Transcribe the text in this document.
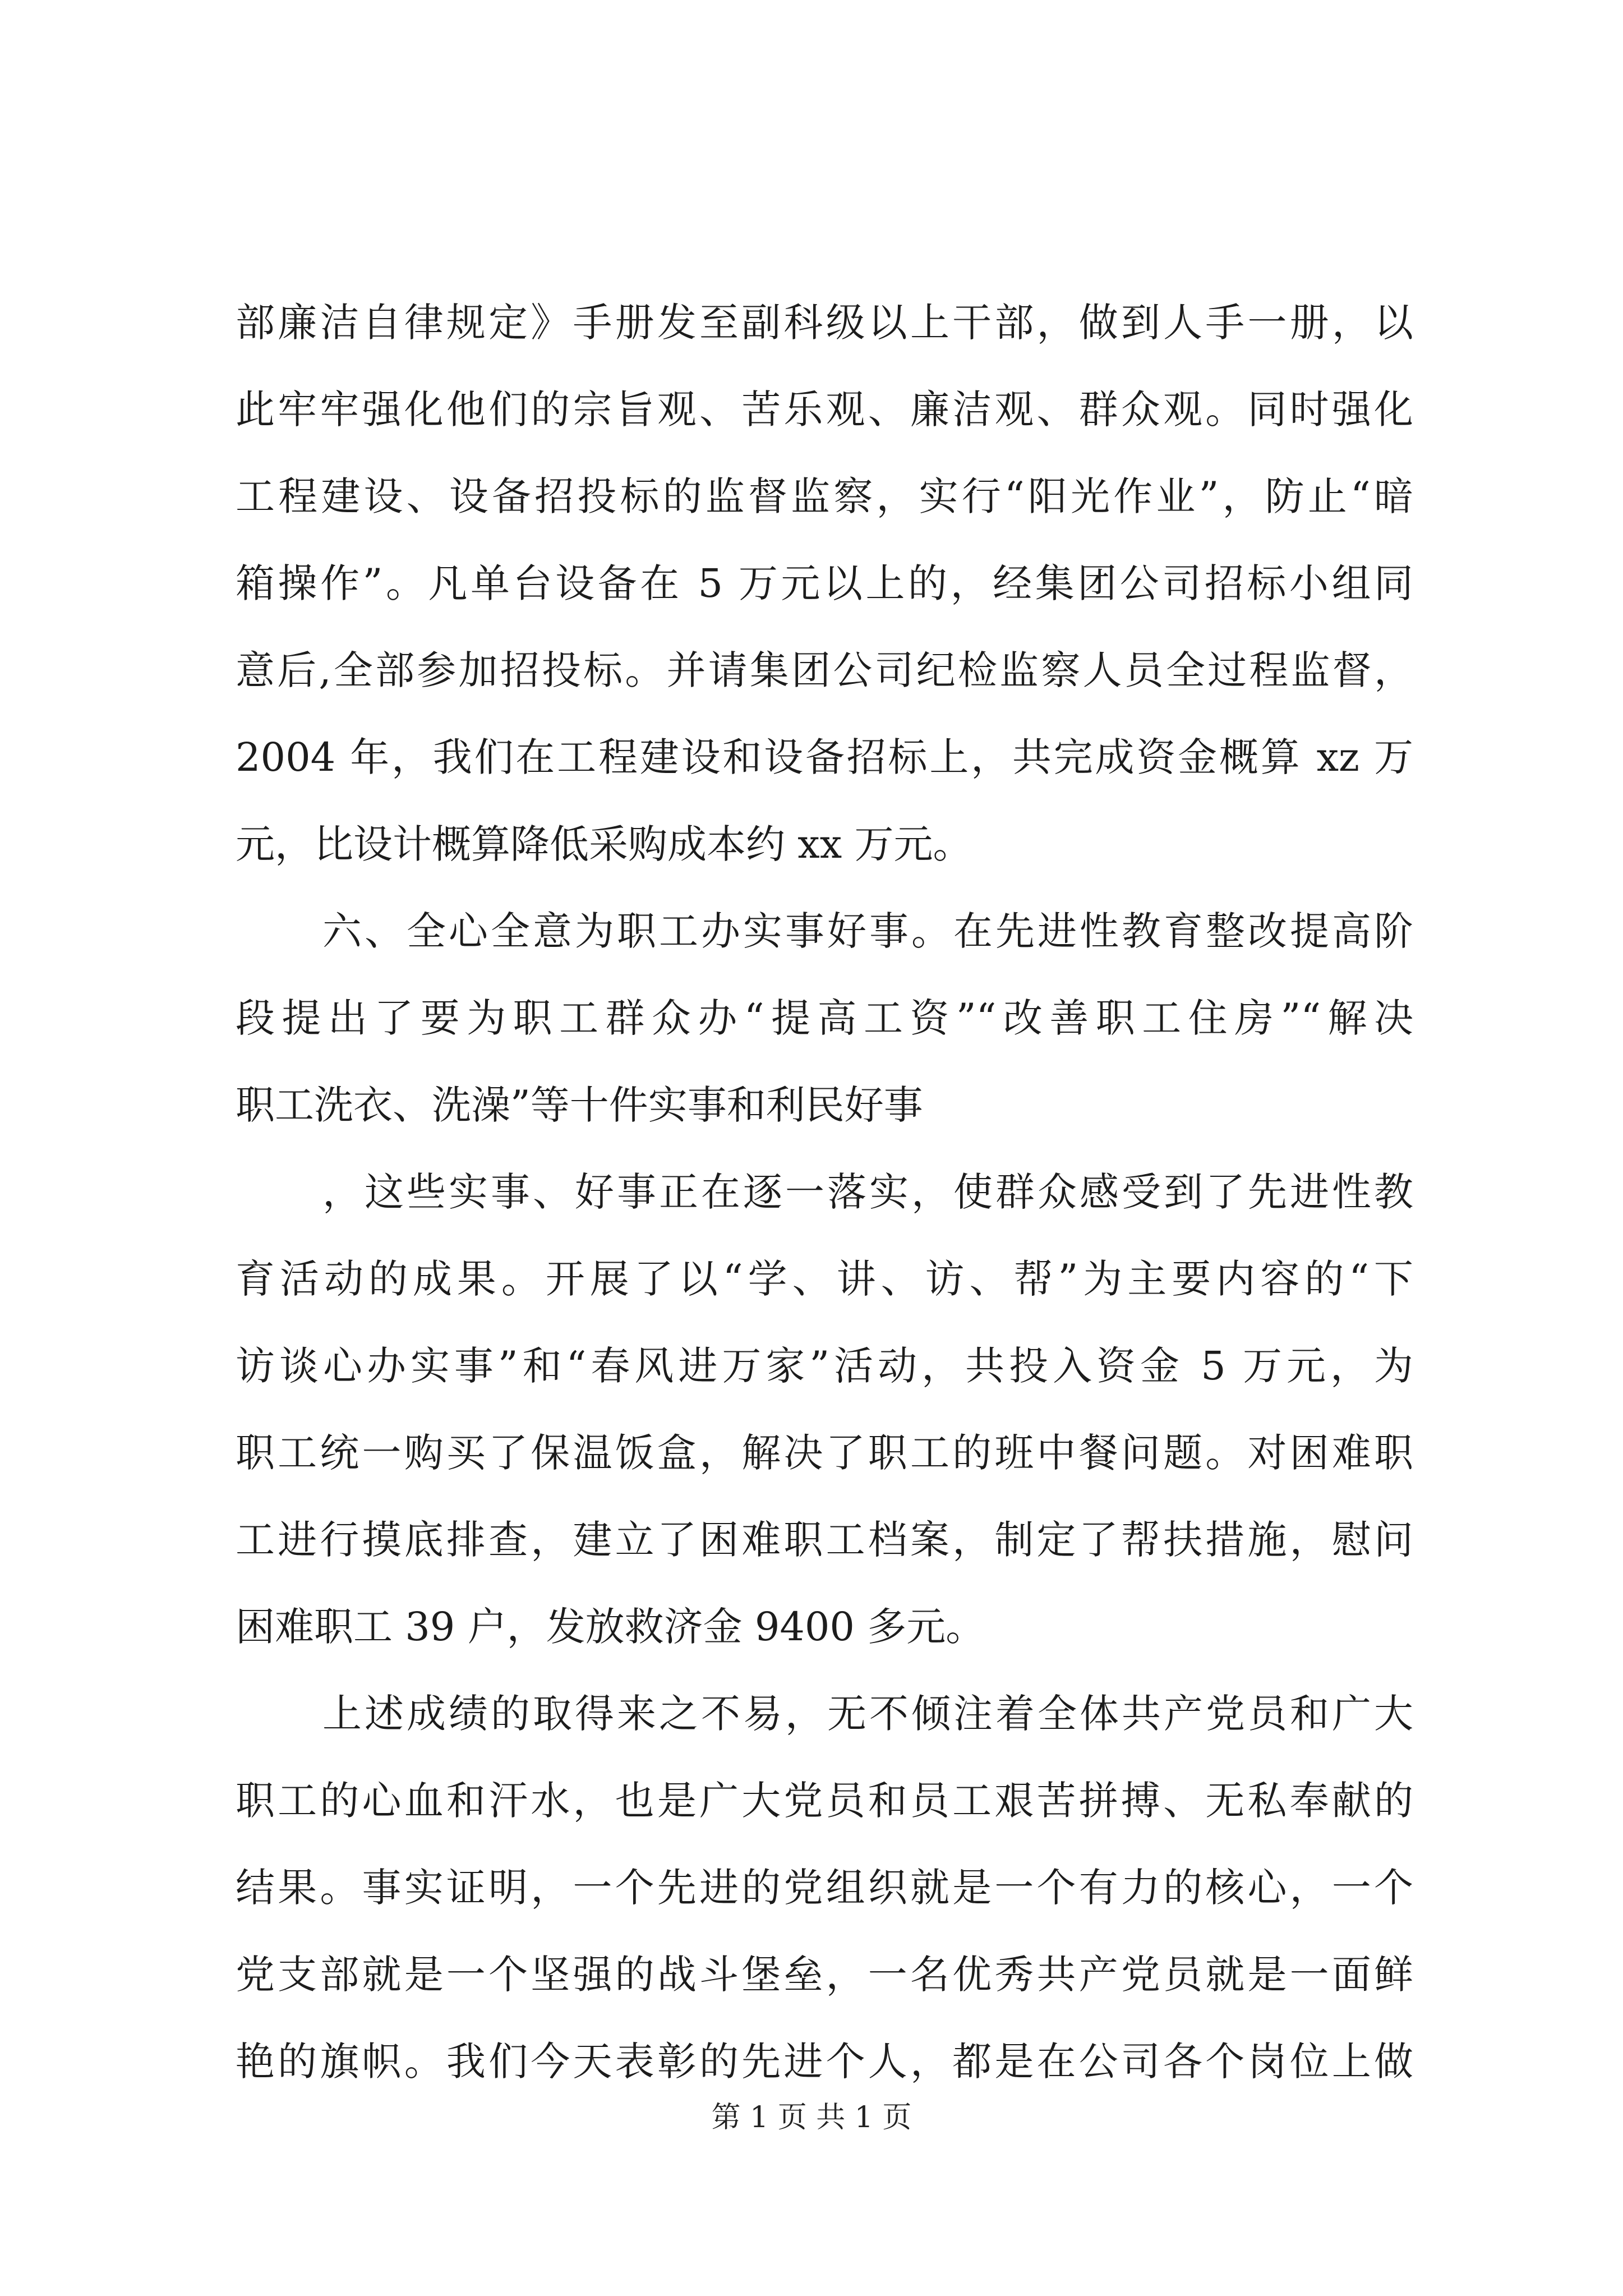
部廉洁自律规定》手册发至副科级以上干部，做到人手一册，以
此牢牢强化他们的宗旨观、苦乐观、廉洁观、群众观。同时强化
工程建设、设备招投标的监督监察，实行“阳光作业”，防止“暗
箱操作”。凡单台设备在 5 万元以上的，经集团公司招标小组同
意后,全部参加招投标。并请集团公司纪检监察人员全过程监督，
2004 年，我们在工程建设和设备招标上，共完成资金概算 xz 万
元，比设计概算降低采购成本约 xx 万元。
六、全心全意为职工办实事好事。在先进性教育整改提高阶
段提出了要为职工群众办“提高工资”“改善职工住房”“解决
职工洗衣、洗澡”等十件实事和利民好事
，这些实事、好事正在逐一落实，使群众感受到了先进性教
育活动的成果。开展了以“学、讲、访、帮”为主要内容的“下
访谈心办实事”和“春风进万家”活动，共投入资金 5 万元，为
职工统一购买了保温饭盒，解决了职工的班中餐问题。对困难职
工进行摸底排查，建立了困难职工档案，制定了帮扶措施，慰问
困难职工 39 户，发放救济金 9400 多元。
上述成绩的取得来之不易，无不倾注着全体共产党员和广大
职工的心血和汗水，也是广大党员和员工艰苦拼搏、无私奉献的
结果。事实证明，一个先进的党组织就是一个有力的核心，一个
党支部就是一个坚强的战斗堡垒，一名优秀共产党员就是一面鲜
艳的旗帜。我们今天表彰的先进个人，都是在公司各个岗位上做
第 1 页 共 1 页
